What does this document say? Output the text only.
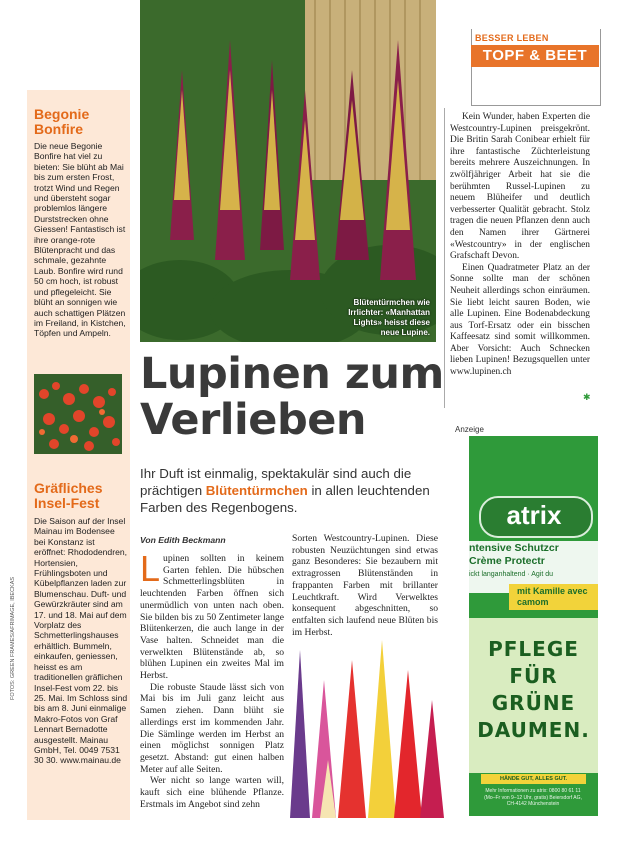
Begonie Bonfire
Die neue Begonie Bonfire hat viel zu bieten: Sie blüht ab Mai bis zum ersten Frost, trotzt Wind und Regen und übersteht sogar problemlos längere Durststrecken ohne Giessen! Fantastisch ist ihre orange-rote Blütenpracht und das schmale, gezahnte Laub. Bonfire wird rund 50 cm hoch, ist robust und pflegeleicht. Sie blüht an sonnigen wie auch schattigen Plätzen im Freiland, in Kistchen, Töpfen und Ampeln.
Gräfliches Insel-Fest
Die Saison auf der Insel Mainau im Bodensee bei Konstanz ist eröffnet: Rhododendren, Hortensien, Frühlingsboten und Kübelpflanzen laden zur Blumenschau. Duft- und Gewürzkräuter sind am 17. und 18. Mai auf dem Vorplatz des Schmetterlingshauses erhältlich. Bummeln, einkaufen, geniessen, heisst es am traditionellen gräflichen Insel-Fest vom 22. bis 25. Mai. Im Schloss sind bis am 8. Juni einmalige Makro-Fotos von Graf Lennart Bernadotte ausgestellt. Mainau GmbH, Tel. 0049 7531 30 30. www.mainau.de
FOTOS: GREEN FRAMES/AFRIMAGE, IBECKAS
Blütentürmchen wie Irrlichter: «Manhattan Lights» heisst diese neue Lupine.
BESSER LEBEN
TOPF & BEET

Kein Wunder, haben Experten die Westcountry-Lupinen preisgekrönt. Die Britin Sarah Conibear erhielt für ihre fantastische Züchterleistung bereits mehrere Auszeichnungen. In zwölfjähriger Arbeit hat sie die berühmten Russel-Lupinen zu neuem Blüheifer und deutlich verbesserter Qualität gebracht. Stolz tragen die neuen Pflanzen denn auch den Namen ihrer Gärtnerei «Westcountry» in der englischen Grafschaft Devon.

Einen Quadratmeter Platz an der Sonne sollte man der schönen Neuheit allerdings schon einräumen. Sie liebt leicht sauren Boden, wie alle Lupinen. Eine Bodenabdeckung aus Torf-Ersatz oder ein bisschen Kaffeesatz sind somit willkommen. Aber Vorsicht: Auch Schnecken lieben Lupinen! Bezugsquellen unter www.lupinen.ch

✱
Lupinen zum Verlieben
Ihr Duft ist einmalig, spektakulär sind auch die prächtigen Blütentürmchen in allen leuchtenden Farben des Regenbogens.
Von Edith Beckmann

Lupinen sollten in keinem Garten fehlen. Die hübschen Schmetterlingsblüten in leuchtenden Farben öffnen sich unermüdlich von unten nach oben. Sie bilden bis zu 50 Zentimeter lange Blütenkerzen, die auch lange in der Vase halten. Schneidet man die verwelkten Blütenstände ab, so blühen Lupinen ein zweites Mal im Herbst.

Die robuste Staude lässt sich von Mai bis im Juli ganz leicht aus Samen ziehen. Dann blüht sie allerdings erst im kommenden Jahr. Die Sämlinge werden im Herbst an einen möglichst sonnigen Platz gesetzt. Abstand: gut einen halben Meter auf alle Seiten.

Wer nicht so lange warten will, kauft sich eine blühende Pflanze. Erstmals im Angebot sind zehn

Sorten Westcountry-Lupinen. Diese robusten Neuzüchtungen sind etwas ganz Besonderes: Sie bezaubern mit extragrossen Blütenständen in frappanten Farben mit brillanter Leuchtkraft. Wird Verwelktes konsequent abgeschnitten, so entfalten sich laufend neue Blüten bis im Herbst.

Anzeige
atrix
ntensive Schutzcr
Crème Protectr
ickt langanhaltend · Agit du
mit Kamille avec camom
PFLEGE FÜR GRÜNE DAUMEN.
HÄNDE GUT, ALLES GUT.
Mehr Informationen zu atrix: 0800 80 61 11 (Mo–Fr von 9–12 Uhr, gratis) Beiersdorf AG, CH-4142 Münchenstein
